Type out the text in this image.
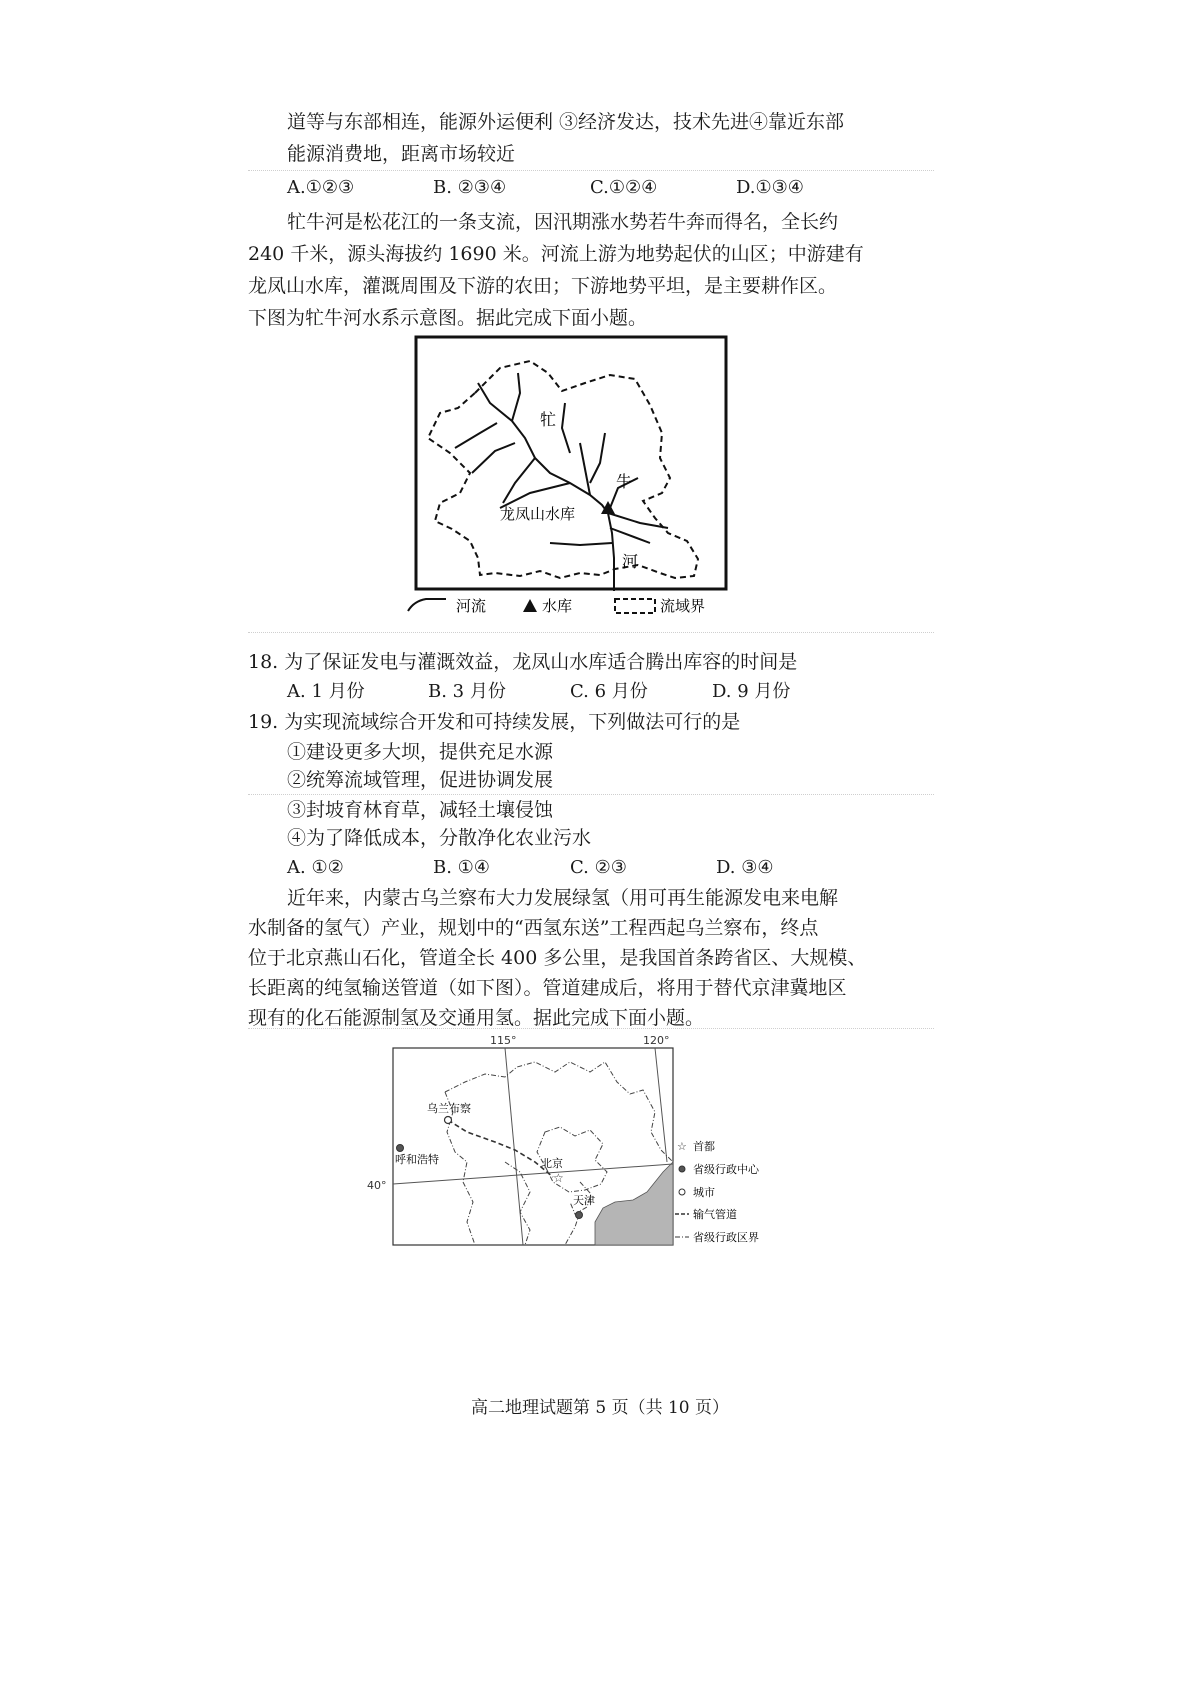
道等与东部相连，能源外运便利 ③经济发达，技术先进④靠近东部
能源消费地，距离市场较近
A.①②③	B. ②③④	C.①②④	D.①③④
牤牛河是松花江的一条支流，因汛期涨水势若牛奔而得名，全长约
240 千米，源头海拔约 1690 米。河流上游为地势起伏的山区；中游建有
龙凤山水库，灌溉周围及下游的农田；下游地势平坦，是主要耕作区。
下图为牤牛河水系示意图。据此完成下面小题。
牤
牛
河
龙凤山水库
河流	水库	流域界
18. 为了保证发电与灌溉效益，龙凤山水库适合腾出库容的时间是
A. 1 月份	B. 3 月份	C. 6 月份	D. 9 月份
19. 为实现流域综合开发和可持续发展，下列做法可行的是
①建设更多大坝，提供充足水源
②统筹流域管理，促进协调发展
③封坡育林育草，减轻土壤侵蚀
④为了降低成本，分散净化农业污水
A. ①②	B. ①④	C. ②③	D. ③④
近年来，内蒙古乌兰察布大力发展绿氢（用可再生能源发电来电解
水制备的氢气）产业，规划中的“西氢东送”工程西起乌兰察布，终点
位于北京燕山石化，管道全长 400 多公里，是我国首条跨省区、大规模、
长距离的纯氢输送管道（如下图）。管道建成后，将用于替代京津冀地区
现有的化石能源制氢及交通用氢。据此完成下面小题。
115°	120°
40°
乌兰布察
呼和浩特
☆
北京
天津
☆ 首都
省级行政中心
城市
输气管道
省级行政区界
高二地理试题第 5 页（共 10 页）
